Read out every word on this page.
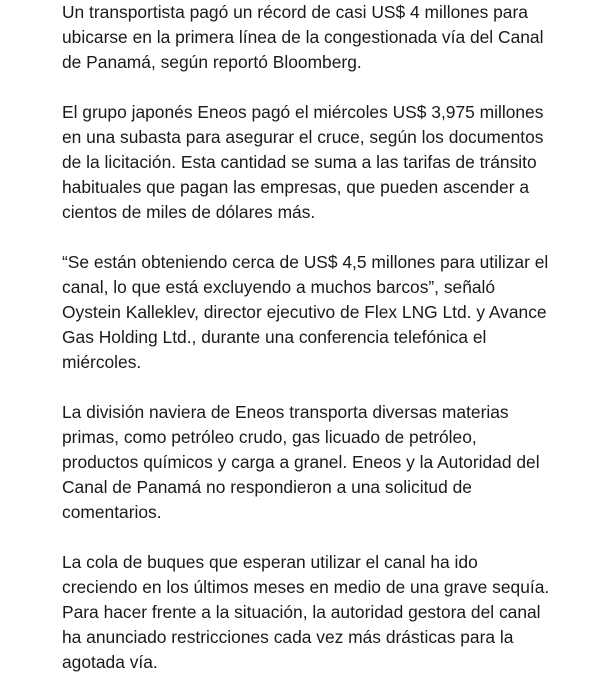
Un transportista pagó un récord de casi US$ 4 millones para
ubicarse en la primera línea de la congestionada vía del Canal
de Panamá, según reportó Bloomberg.

El grupo japonés Eneos pagó el miércoles US$ 3,975 millones
en una subasta para asegurar el cruce, según los documentos
de la licitación. Esta cantidad se suma a las tarifas de tránsito
habituales que pagan las empresas, que pueden ascender a
cientos de miles de dólares más.

“Se están obteniendo cerca de US$ 4,5 millones para utilizar el
canal, lo que está excluyendo a muchos barcos”, señaló
Oystein Kalleklev, director ejecutivo de Flex LNG Ltd. y Avance
Gas Holding Ltd., durante una conferencia telefónica el
miércoles.

La división naviera de Eneos transporta diversas materias
primas, como petróleo crudo, gas licuado de petróleo,
productos químicos y carga a granel. Eneos y la Autoridad del
Canal de Panamá no respondieron a una solicitud de
comentarios.

La cola de buques que esperan utilizar el canal ha ido
creciendo en los últimos meses en medio de una grave sequía.
Para hacer frente a la situación, la autoridad gestora del canal
ha anunciado restricciones cada vez más drásticas para la
agotada vía.
